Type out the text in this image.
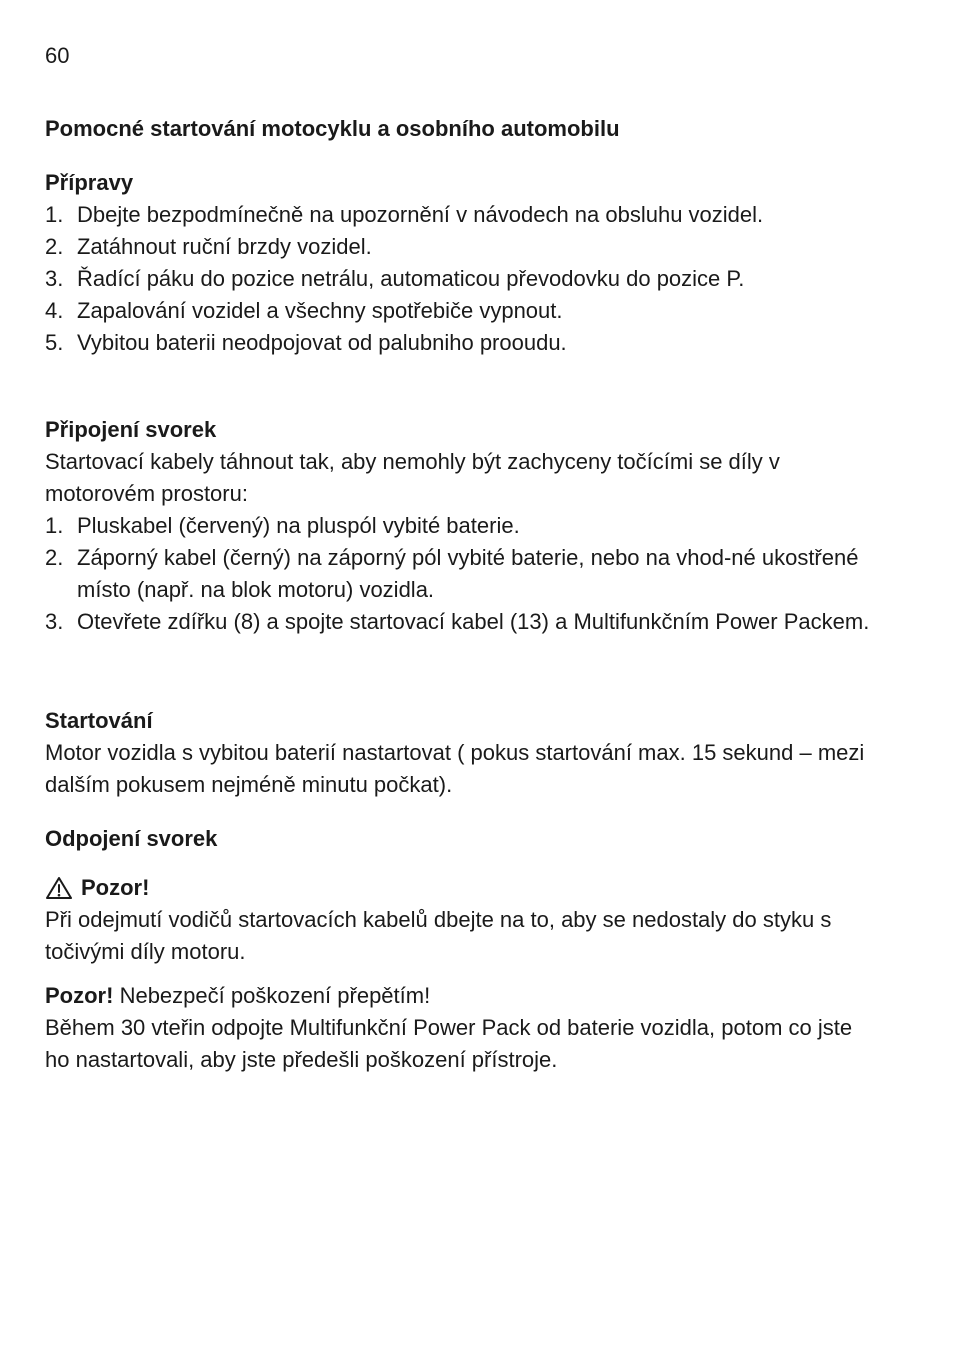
60
Pomocné startování motocyklu a osobního automobilu
Přípravy
1. Dbejte bezpodmínečně na upozornění v návodech na obsluhu vozidel.
2. Zatáhnout ruční brzdy vozidel.
3. Řadící páku do pozice netrálu, automaticou převodovku do pozice P.
4. Zapalování vozidel a všechny spotřebiče vypnout.
5. Vybitou baterii neodpojovat od palubniho prooudu.
Připojení svorek
Startovací kabely táhnout tak, aby nemohly být zachyceny točícími se díly v motorovém prostoru:
1. Pluskabel (červený) na pluspól vybité baterie.
2. Záporný kabel (černý) na záporný pól vybité baterie, nebo na vhod-né ukostřené místo (např. na blok motoru) vozidla.
3. Otevřete zdířku (8) a spojte startovací kabel (13) a Multifunkčním Power Packem.
Startování
Motor vozidla s vybitou baterií nastartovat ( pokus startování max. 15 sekund – mezi dalším pokusem nejméně minutu počkat).
Odpojení svorek
Pozor!
Při odejmutí vodičů startovacích kabelů dbejte na to, aby se nedostaly do styku s točivými díly motoru.
Pozor! Nebezpečí poškození přepětím!
Během 30 vteřin odpojte Multifunkční Power Pack od baterie vozidla, potom co jste ho nastartovali, aby jste předešli poškození přístroje.
